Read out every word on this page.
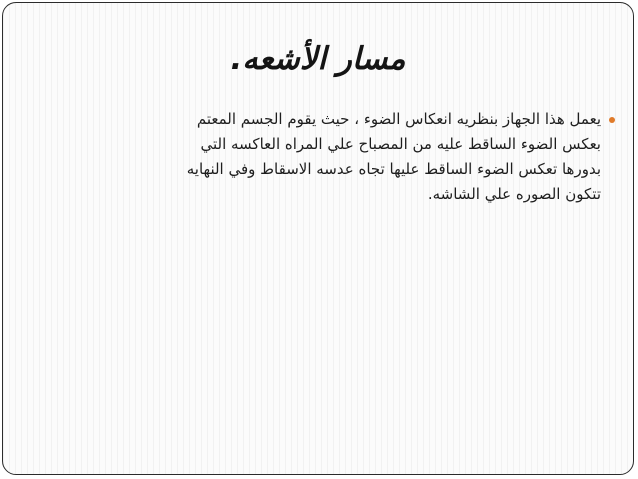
مسار الأشعه.
يعمل هذا الجهاز بنظريه انعكاس الضوء ، حيث يقوم الجسم المعتم
بعكس الضوء الساقط عليه من المصباح علي المراه العاكسه التي
بدورها تعكس الضوء الساقط عليها تجاه عدسه الاسقاط وفي النهايه
تتكون الصوره علي الشاشه.
